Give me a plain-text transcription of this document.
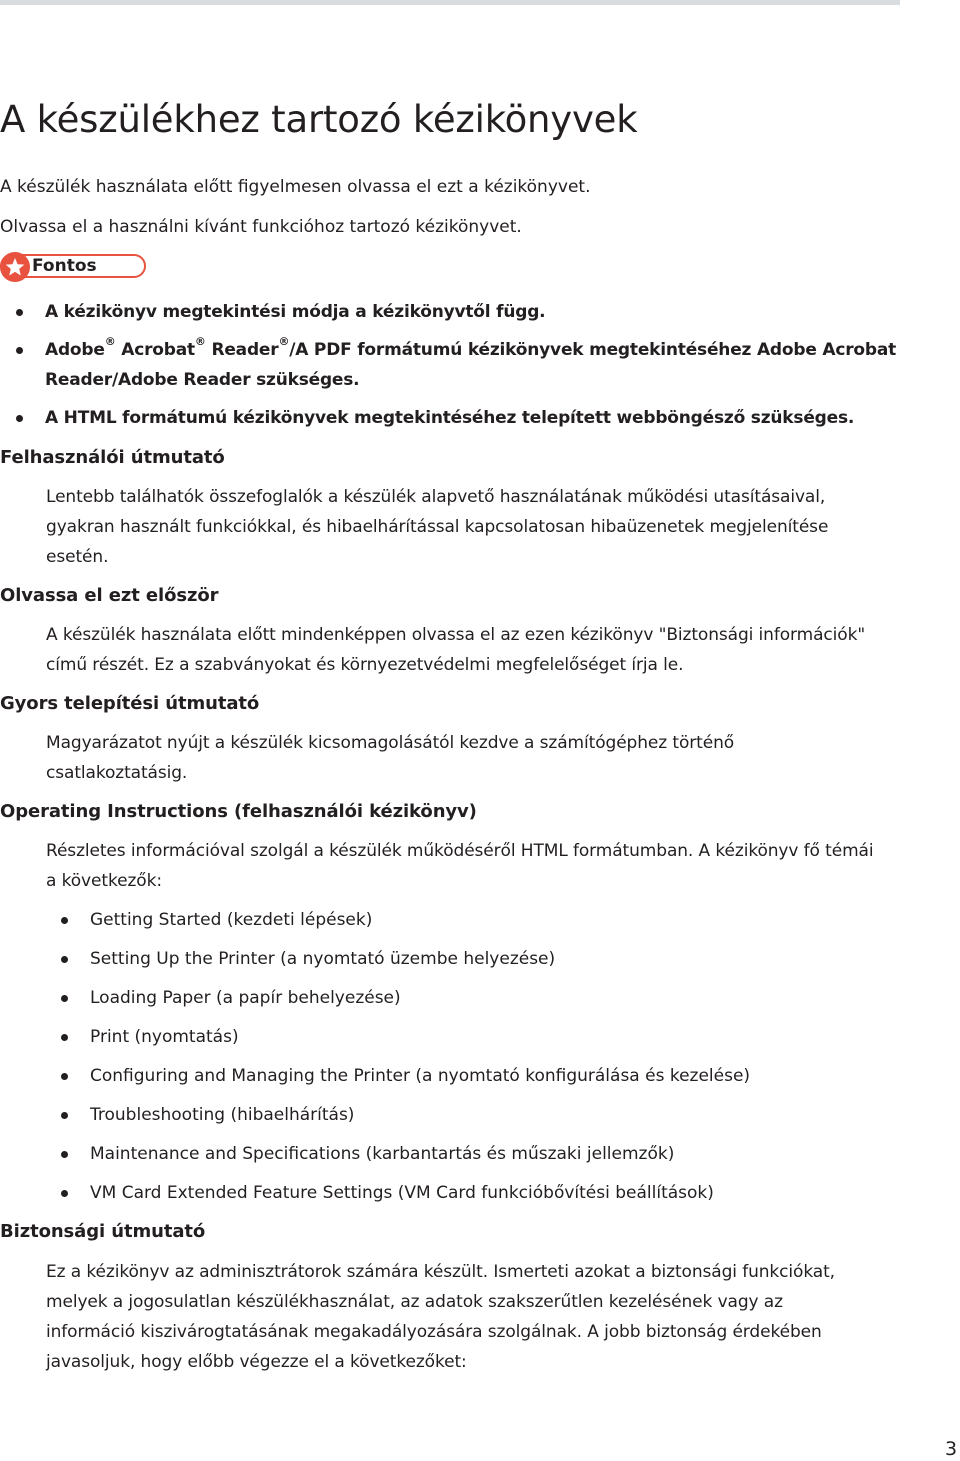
A készülékhez tartozó kézikönyvek

A készülék használata előtt figyelmesen olvassa el ezt a kézikönyvet.

Olvassa el a használni kívánt funkcióhoz tartozó kézikönyvet.

Fontos
A kézikönyv megtekintési módja a kézikönyvtől függ.
Adobe® Acrobat® Reader®/A PDF formátumú kézikönyvek megtekintéséhez Adobe Acrobat
Reader/Adobe Reader szükséges.
A HTML formátumú kézikönyvek megtekintéséhez telepített webböngésző szükséges.
Felhasználói útmutató
Lentebb találhatók összefoglalók a készülék alapvető használatának működési utasításaival,
gyakran használt funkciókkal, és hibaelhárítással kapcsolatosan hibaüzenetek megjelenítése
esetén.
Olvassa el ezt először
A készülék használata előtt mindenképpen olvassa el az ezen kézikönyv "Biztonsági információk"
című részét. Ez a szabványokat és környezetvédelmi megfelelőséget írja le.
Gyors telepítési útmutató
Magyarázatot nyújt a készülék kicsomagolásától kezdve a számítógéphez történő
csatlakoztatásig.
Operating Instructions (felhasználói kézikönyv)
Részletes információval szolgál a készülék működéséről HTML formátumban. A kézikönyv fő témái
a következők:
Getting Started (kezdeti lépések)
Setting Up the Printer (a nyomtató üzembe helyezése)
Loading Paper (a papír behelyezése)
Print (nyomtatás)
Configuring and Managing the Printer (a nyomtató konfigurálása és kezelése)
Troubleshooting (hibaelhárítás)
Maintenance and Specifications (karbantartás és műszaki jellemzők)
VM Card Extended Feature Settings (VM Card funkcióbővítési beállítások)
Biztonsági útmutató
Ez a kézikönyv az adminisztrátorok számára készült. Ismerteti azokat a biztonsági funkciókat,
melyek a jogosulatlan készülékhasználat, az adatok szakszerűtlen kezelésének vagy az
információ kiszivárogtatásának megakadályozására szolgálnak. A jobb biztonság érdekében
javasoljuk, hogy előbb végezze el a következőket:
3
